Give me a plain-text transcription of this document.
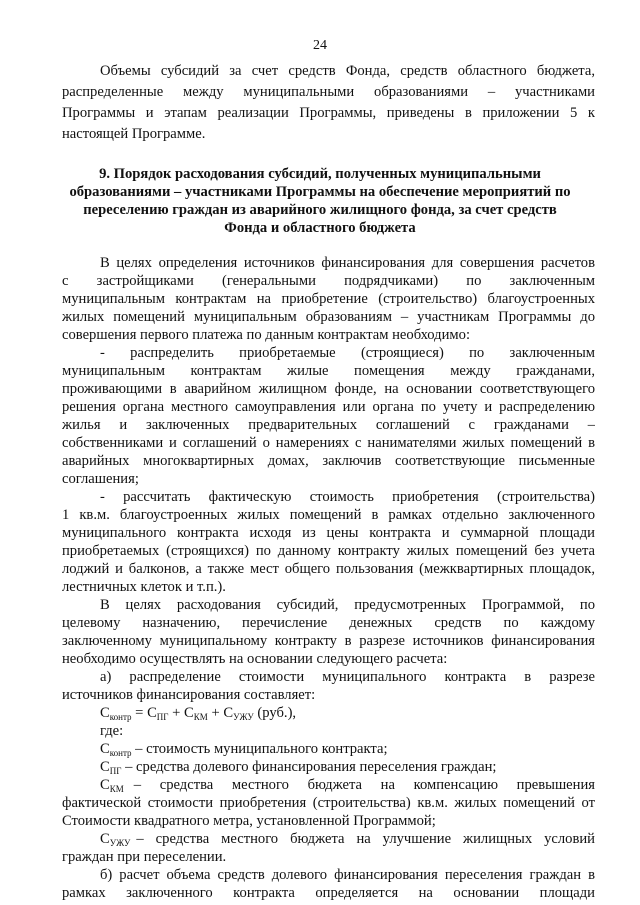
24
Объемы субсидий за счет средств Фонда, средств областного бюджета,
распределенные между муниципальными образованиями – участниками
Программы и этапам реализации Программы, приведены в приложении 5 к
настоящей Программе.
9. Порядок расходования субсидий, полученных муниципальными
образованиями – участниками Программы на обеспечение мероприятий по
переселению граждан из аварийного жилищного фонда, за счет средств
Фонда и областного бюджета
В целях определения источников финансирования для совершения расчетов
с застройщиками (генеральными подрядчиками) по заключенным
муниципальным контрактам на приобретение (строительство) благоустроенных
жилых помещений муниципальным образованиям – участникам Программы до
совершения первого платежа по данным контрактам необходимо:
- распределить приобретаемые (строящиеся) по заключенным
муниципальным контрактам жилые помещения между гражданами,
проживающими в аварийном жилищном фонде, на основании соответствующего
решения органа местного самоуправления или органа по учету и распределению
жилья и заключенных предварительных соглашений с гражданами –
собственниками и соглашений о намерениях с нанимателями жилых помещений в
аварийных многоквартирных домах, заключив соответствующие письменные
соглашения;
- рассчитать фактическую стоимость приобретения (строительства)
1 кв.м. благоустроенных жилых помещений в рамках отдельно заключенного
муниципального контракта исходя из цены контракта и суммарной площади
приобретаемых (строящихся) по данному контракту жилых помещений без учета
лоджий и балконов, а также мест общего пользования (межквартирных площадок,
лестничных клеток и т.п.).
В целях расходования субсидий, предусмотренных Программой, по
целевому назначению, перечисление денежных средств по каждому
заключенному муниципальному контракту в разрезе источников финансирования
необходимо осуществлять на основании следующего расчета:
а) распределение стоимости муниципального контракта в разрезе
источников финансирования составляет:
$С_{контр} = С_{ПГ} + С_{КМ} + С_{УЖУ}$ (руб.),
где:
$С_{контр}$ – стоимость муниципального контракта;
$С_{ПГ}$ – средства долевого финансирования переселения граждан;
$С_{КМ}$ – средства местного бюджета на компенсацию превышения
фактической стоимости приобретения (строительства) кв.м. жилых помещений от
Стоимости квадратного метра, установленной Программой;
$С_{УЖУ}$ – средства местного бюджета на улучшение жилищных условий
граждан при переселении.
б) расчет объема средств долевого финансирования переселения граждан в
рамках заключенного контракта определяется на основании площади
